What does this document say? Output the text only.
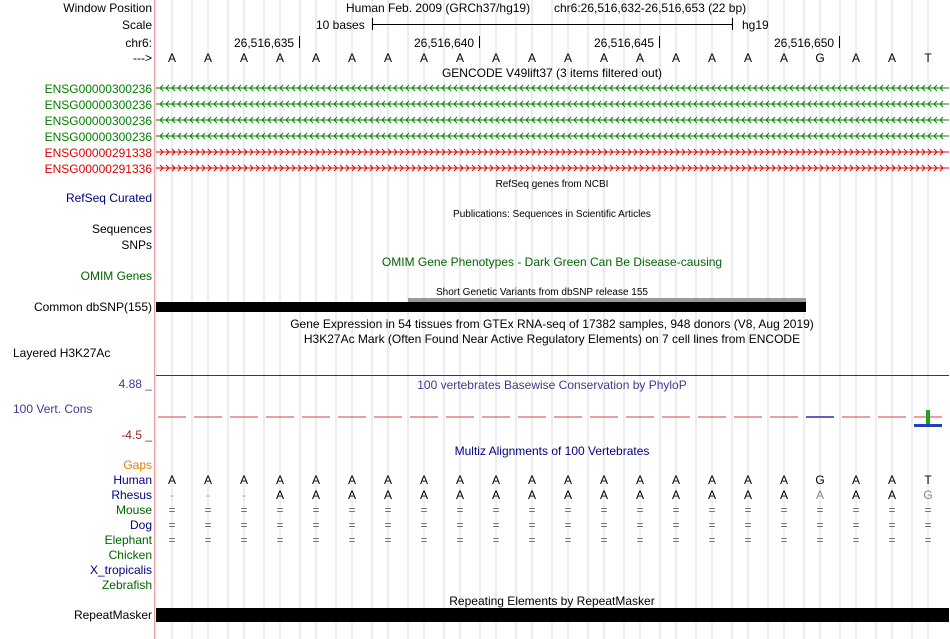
Window Position	Human Feb. 2009 (GRCh37/hg19) chr6:26,516,632-26,516,653 (22 bp)
Scale	10 bases	hg19
chr6:	26,516,635	26,516,640	26,516,645	26,516,650
---> A A A A A A A A A A A A A A A A A A G A A T
GENCODE V49lift37 (3 items filtered out)
ENSG00000300236
ENSG00000300236
ENSG00000300236
ENSG00000300236
ENSG00000291338
ENSG00000291336
RefSeq genes from NCBI
RefSeq Curated
Publications: Sequences in Scientific Articles
Sequences
SNPs
OMIM Gene Phenotypes - Dark Green Can Be Disease-causing
OMIM Genes
Short Genetic Variants from dbSNP release 155
Common dbSNP(155)
Gene Expression in 54 tissues from GTEx RNA-seq of 17382 samples, 948 donors (V8, Aug 2019)
H3K27Ac Mark (Often Found Near Active Regulatory Elements) on 7 cell lines from ENCODE
Layered H3K27Ac
4.88 _	100 vertebrates Basewise Conservation by PhyloP
100 Vert. Cons
-4.5 _
Multiz Alignments of 100 Vertebrates
Gaps
Human A A A A A A A A A A A A A A A A A A G A A T
Rhesus	-	-	-	A A A A A A A A A A A A A A A A A A G
Mouse = = = = = = = = = = = = = = = = = = = = = =
Dog = = = = = = = = = = = = = = = = = = = = = =
Elephant = = = = = = = = = = = = = = = = = = = = = =
Chicken
X_tropicalis
Zebrafish
Repeating Elements by RepeatMasker
RepeatMasker
